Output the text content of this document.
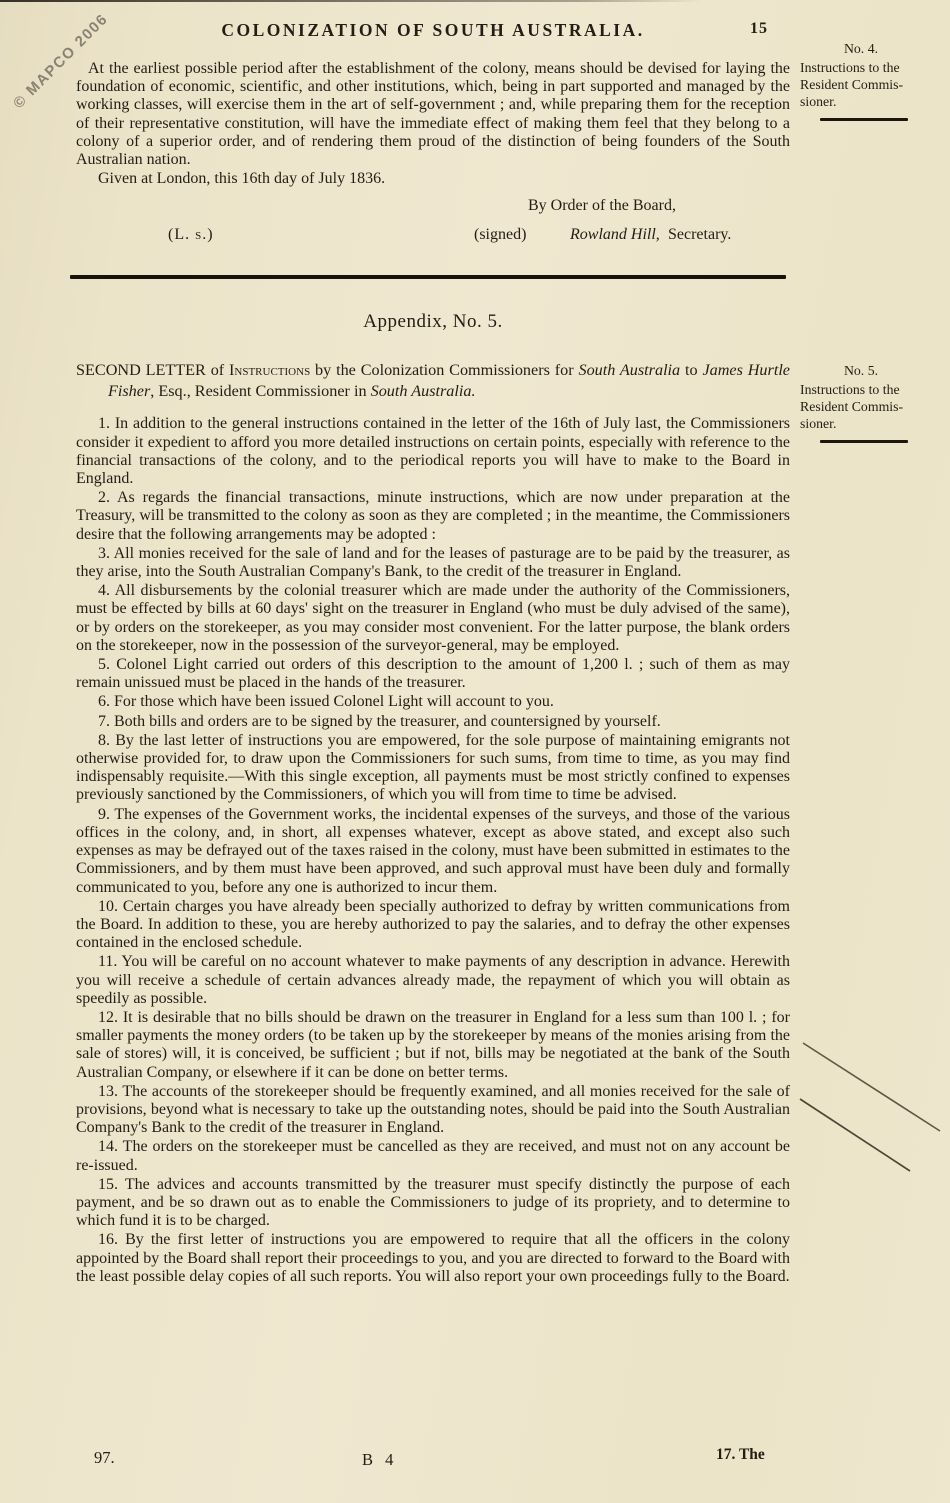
© MAPCO 2006	15
No. 4.
Instructions to the
Resident Commis-
sioner.
No. 5.
Instructions to the
Resident Commis-
sioner.
COLONIZATION OF SOUTH AUSTRALIA.

At the earliest possible period after the establishment of the colony, means should be devised for laying the foundation of economic, scientific, and other institutions, which, being in part supported and managed by the working classes, will exercise them in the art of self-government ; and, while preparing them for the reception of their representative constitution, will have the immediate effect of making them feel that they belong to a colony of a superior order, and of rendering them proud of the distinction of being founders of the South Australian nation.

Given at London, this 16th day of July 1836.

By Order of the Board,
(L. s.)	(signed)	Rowland Hill, Secretary.
Appendix, No. 5.
SECOND LETTER of Instructions by the Colonization Commissioners for South Australia to James Hurtle Fisher, Esq., Resident Commissioner in South Australia.

1. In addition to the general instructions contained in the letter of the 16th of July last, the Commissioners consider it expedient to afford you more detailed instructions on certain points, especially with reference to the financial transactions of the colony, and to the periodical reports you will have to make to the Board in England.

2. As regards the financial transactions, minute instructions, which are now under preparation at the Treasury, will be transmitted to the colony as soon as they are completed ; in the meantime, the Commissioners desire that the following arrangements may be adopted :

3. All monies received for the sale of land and for the leases of pasturage are to be paid by the treasurer, as they arise, into the South Australian Company's Bank, to the credit of the treasurer in England.

4. All disbursements by the colonial treasurer which are made under the authority of the Commissioners, must be effected by bills at 60 days' sight on the treasurer in England (who must be duly advised of the same), or by orders on the storekeeper, as you may consider most convenient. For the latter purpose, the blank orders on the storekeeper, now in the possession of the surveyor-general, may be employed.

5. Colonel Light carried out orders of this description to the amount of 1,200 l. ; such of them as may remain unissued must be placed in the hands of the treasurer.

6. For those which have been issued Colonel Light will account to you.

7. Both bills and orders are to be signed by the treasurer, and countersigned by yourself.

8. By the last letter of instructions you are empowered, for the sole purpose of maintaining emigrants not otherwise provided for, to draw upon the Commissioners for such sums, from time to time, as you may find indispensably requisite.—With this single exception, all payments must be most strictly confined to expenses previously sanctioned by the Commissioners, of which you will from time to time be advised.

9. The expenses of the Government works, the incidental expenses of the surveys, and those of the various offices in the colony, and, in short, all expenses whatever, except as above stated, and except also such expenses as may be defrayed out of the taxes raised in the colony, must have been submitted in estimates to the Commissioners, and by them must have been approved, and such approval must have been duly and formally communicated to you, before any one is authorized to incur them.

10. Certain charges you have already been specially authorized to defray by written communications from the Board. In addition to these, you are hereby authorized to pay the salaries, and to defray the other expenses contained in the enclosed schedule.

11. You will be careful on no account whatever to make payments of any description in advance. Herewith you will receive a schedule of certain advances already made, the repayment of which you will obtain as speedily as possible.

12. It is desirable that no bills should be drawn on the treasurer in England for a less sum than 100 l. ; for smaller payments the money orders (to be taken up by the storekeeper by means of the monies arising from the sale of stores) will, it is conceived, be sufficient ; but if not, bills may be negotiated at the bank of the South Australian Company, or elsewhere if it can be done on better terms.

13. The accounts of the storekeeper should be frequently examined, and all monies received for the sale of provisions, beyond what is necessary to take up the outstanding notes, should be paid into the South Australian Company's Bank to the credit of the treasurer in England.

14. The orders on the storekeeper must be cancelled as they are received, and must not on any account be re-issued.

15. The advices and accounts transmitted by the treasurer must specify distinctly the purpose of each payment, and be so drawn out as to enable the Commissioners to judge of its propriety, and to determine to which fund it is to be charged.

16. By the first letter of instructions you are empowered to require that all the officers in the colony appointed by the Board shall report their proceedings to you, and you are directed to forward to the Board with the least possible delay copies of all such reports. You will also report your own proceedings fully to the Board.

97.	B 4	17. The
